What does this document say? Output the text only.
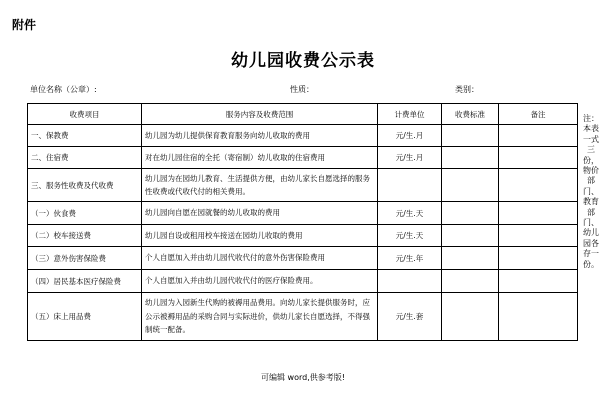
附件
幼儿园收费公示表
单位名称（公章）:	性质：	类别：
收费项目	服务内容及收费范围	计费单位	收费标准	备注
一、保教费	幼儿园为幼儿提供保育教育服务向幼儿收取的费用	元/生.月		
二、住宿费	对在幼儿园住宿的全托（寄宿制）幼儿收取的住宿费用	元/生.月		
三、服务性收费及代收费	幼儿园为在园幼儿教育、生活提供方便，由幼儿家长自愿选择的服务性收费或代收代付的相关费用。			
（一）伙食费	幼儿园向自愿在园就餐的幼儿收取的费用	元/生.天		
（二）校车接送费	幼儿园自设或租用校车接送在园幼儿收取的费用	元/生.天		
（三）意外伤害保险费	个人自愿加入并由幼儿园代收代付的意外伤害保险费用	元/生.年		
（四）居民基本医疗保险费	个人自愿加入并由幼儿园代收代付的医疗保险费用。			
（五）床上用品费	幼儿园为入园新生代购的被褥用品费用。向幼儿家长提供服务时，应公示被褥用品的采购合同与实际进价，供幼儿家长自愿选择，不得强制统一配备。	元/生.套		
注：本表一式三份，物价部门、教育部门、幼儿园各存一份。
可编辑 word,供参考版!
